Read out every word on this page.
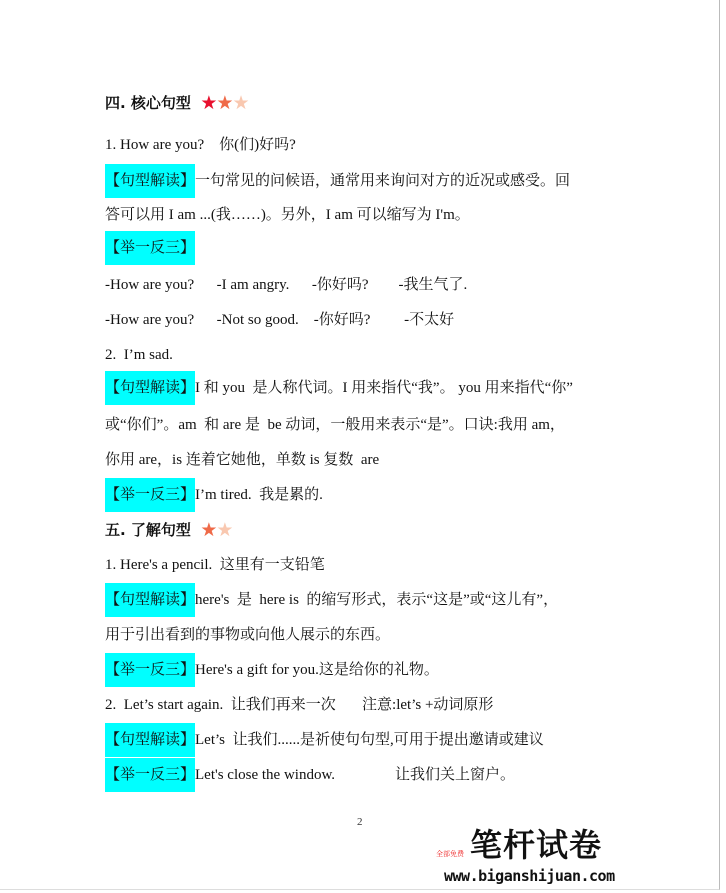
四. 核心句型 ★★★
1. How are you?    你(们)好吗?
【句型解读】一句常见的问候语，通常用来询问对方的近况或感受。回
答可以用 I am ...(我……)。另外，I am 可以缩写为 I'm。
【举一反三】
-How are you?      -I am angry.      -你好吗?        -我生气了.
-How are you?      -Not so good.    -你好吗?         -不太好
2.  I’m sad.
【句型解读】I 和 you  是人称代词。I 用来指代“我”。 you 用来指代“你”
或“你们”。am  和 are 是  be 动词，一般用来表示“是”。口诀:我用 am，
你用 are，is 连着它她他，单数 is 复数  are
【举一反三】I’m tired.  我是累的.
五. 了解句型 ★★
1. Here's a pencil.  这里有一支铅笔
【句型解读】here's  是  here is  的缩写形式，表示“这是”或“这儿有”，
用于引出看到的事物或向他人展示的东西。
【举一反三】Here's a gift for you.这是给你的礼物。
2.  Let’s start again.  让我们再来一次       注意:let’s +动词原形
【句型解读】Let’s  让我们......是祈使句句型,可用于提出邀请或建议
【举一反三】Let's close the window.                让我们关上窗户。
2
全部免费 笔杆试卷
www.biganshijuan.com
